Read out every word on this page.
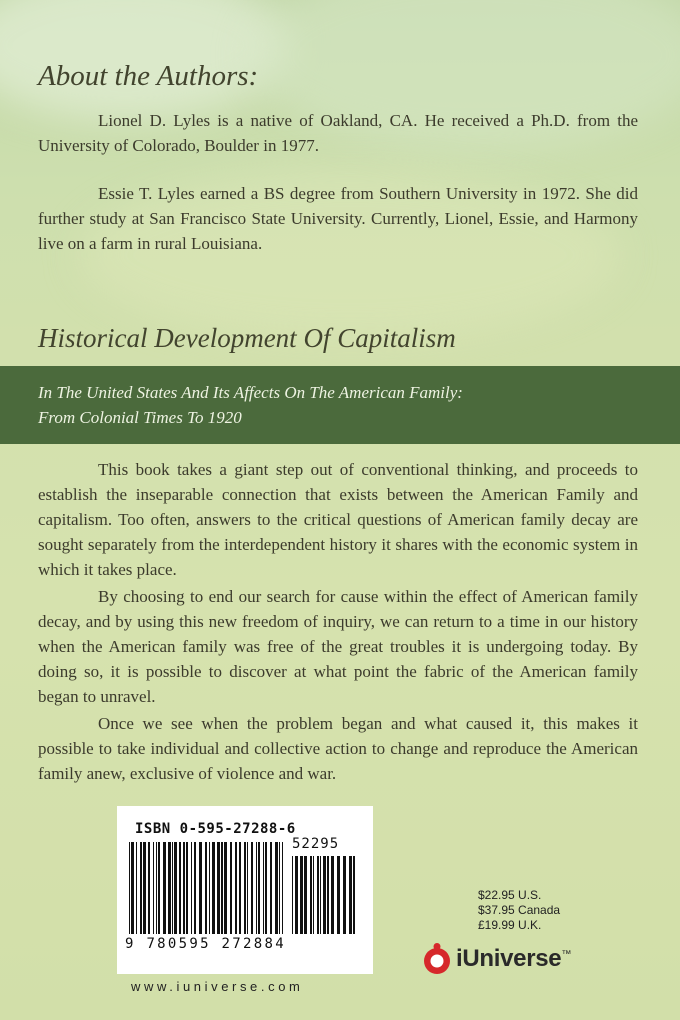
About the Authors:

Lionel D. Lyles is a native of Oakland, CA. He received a Ph.D. from the University of Colorado, Boulder in 1977.

Essie T. Lyles earned a BS degree from Southern University in 1972. She did further study at San Francisco State University. Currently, Lionel, Essie, and Harmony live on a farm in rural Louisiana.

Historical Development Of Capitalism

In The United States And Its Affects On The American Family:
From Colonial Times To 1920

This book takes a giant step out of conventional thinking, and proceeds to establish the inseparable connection that exists between the American Family and capitalism. Too often, answers to the critical questions of American family decay are sought separately from the interdependent history it shares with the economic system in which it takes place.

By choosing to end our search for cause within the effect of American family decay, and by using this new freedom of inquiry, we can return to a time in our history when the American family was free of the great troubles it is undergoing today. By doing so, it is possible to discover at what point the fabric of the American family began to unravel.

Once we see when the problem began and what caused it, this makes it possible to take individual and collective action to change and reproduce the American family anew, exclusive of violence and war.

ISBN 0-595-27288-6

52295

9 780595 272884

$22.95 U.S.
$37.95 Canada
£19.99 U.K.
iUniverse™

www.iuniverse.com
